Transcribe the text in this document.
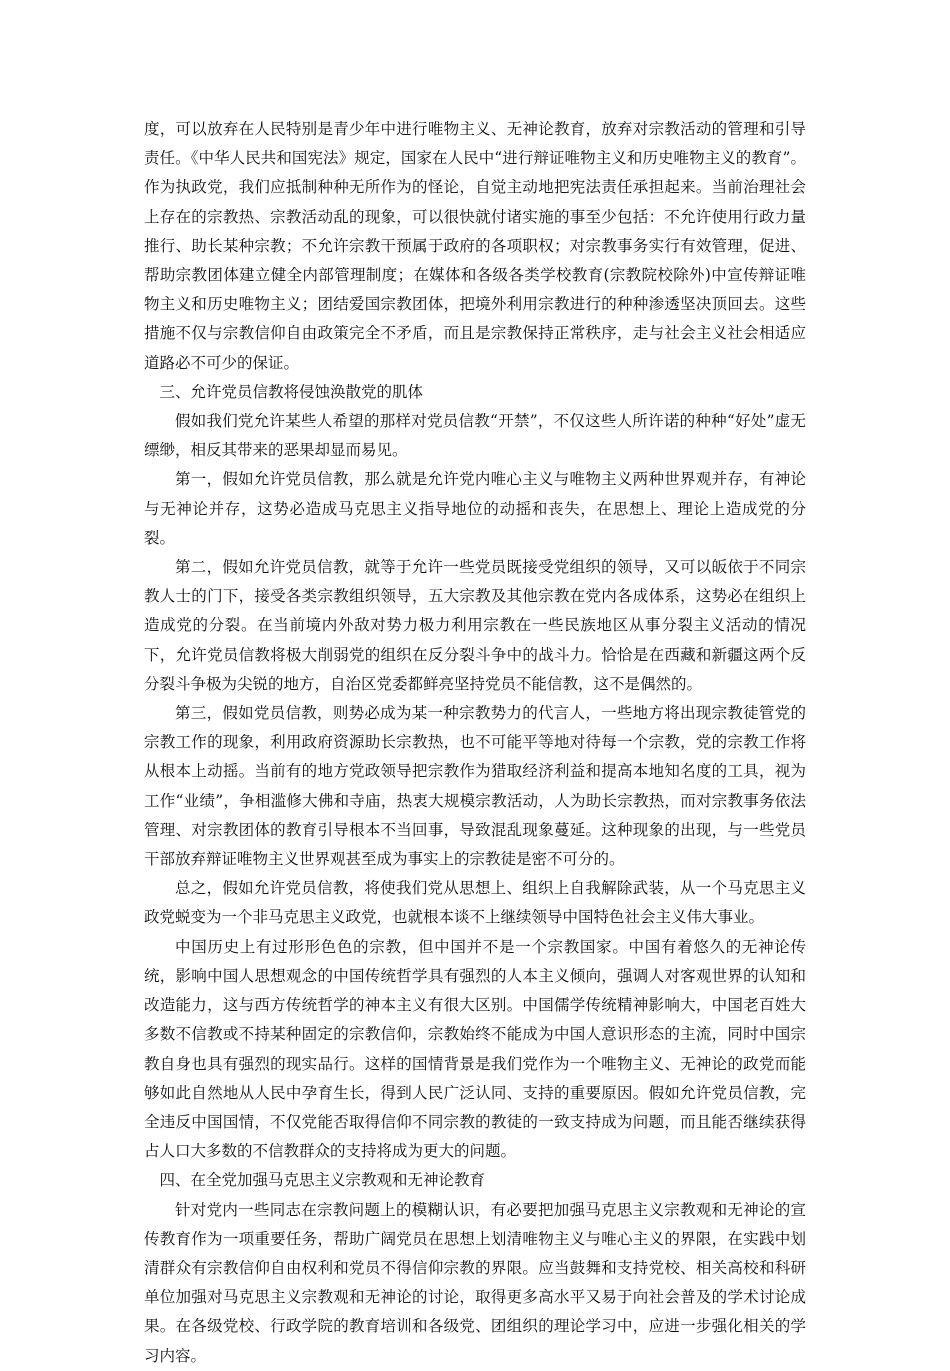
度，可以放弃在人民特别是青少年中进行唯物主义、无神论教育，放弃对宗教活动的管理和引导责任。《中华人民共和国宪法》规定，国家在人民中“进行辩证唯物主义和历史唯物主义的教育”。作为执政党，我们应抵制种种无所作为的怪论，自觉主动地把宪法责任承担起来。当前治理社会上存在的宗教热、宗教活动乱的现象，可以很快就付诸实施的事至少包括：不允许使用行政力量推行、助长某种宗教；不允许宗教干预属于政府的各项职权；对宗教事务实行有效管理，促进、帮助宗教团体建立健全内部管理制度；在媒体和各级各类学校教育(宗教院校除外)中宣传辩证唯物主义和历史唯物主义；团结爱国宗教团体，把境外利用宗教进行的种种渗透坚决顶回去。这些措施不仅与宗教信仰自由政策完全不矛盾，而且是宗教保持正常秩序，走与社会主义社会相适应道路必不可少的保证。

三、允许党员信教将侵蚀涣散党的肌体

假如我们党允许某些人希望的那样对党员信教“开禁”，不仅这些人所许诺的种种“好处”虚无缥缈，相反其带来的恶果却显而易见。

第一，假如允许党员信教，那么就是允许党内唯心主义与唯物主义两种世界观并存，有神论与无神论并存，这势必造成马克思主义指导地位的动摇和丧失，在思想上、理论上造成党的分裂。

第二，假如允许党员信教，就等于允许一些党员既接受党组织的领导，又可以皈依于不同宗教人士的门下，接受各类宗教组织领导，五大宗教及其他宗教在党内各成体系，这势必在组织上造成党的分裂。在当前境内外敌对势力极力利用宗教在一些民族地区从事分裂主义活动的情况下，允许党员信教将极大削弱党的组织在反分裂斗争中的战斗力。恰恰是在西藏和新疆这两个反分裂斗争极为尖锐的地方，自治区党委都鲜亮坚持党员不能信教，这不是偶然的。

第三，假如党员信教，则势必成为某一种宗教势力的代言人，一些地方将出现宗教徒管党的宗教工作的现象，利用政府资源助长宗教热，也不可能平等地对待每一个宗教，党的宗教工作将从根本上动摇。当前有的地方党政领导把宗教作为猎取经济利益和提高本地知名度的工具，视为工作“业绩”，争相滥修大佛和寺庙，热衷大规模宗教活动，人为助长宗教热，而对宗教事务依法管理、对宗教团体的教育引导根本不当回事，导致混乱现象蔓延。这种现象的出现，与一些党员干部放弃辩证唯物主义世界观甚至成为事实上的宗教徒是密不可分的。

总之，假如允许党员信教，将使我们党从思想上、组织上自我解除武装，从一个马克思主义政党蜕变为一个非马克思主义政党，也就根本谈不上继续领导中国特色社会主义伟大事业。

中国历史上有过形形色色的宗教，但中国并不是一个宗教国家。中国有着悠久的无神论传统，影响中国人思想观念的中国传统哲学具有强烈的人本主义倾向，强调人对客观世界的认知和改造能力，这与西方传统哲学的神本主义有很大区别。中国儒学传统精神影响大，中国老百姓大多数不信教或不持某种固定的宗教信仰，宗教始终不能成为中国人意识形态的主流，同时中国宗教自身也具有强烈的现实品行。这样的国情背景是我们党作为一个唯物主义、无神论的政党而能够如此自然地从人民中孕育生长，得到人民广泛认同、支持的重要原因。假如允许党员信教，完全违反中国国情，不仅党能否取得信仰不同宗教的教徒的一致支持成为问题，而且能否继续获得占人口大多数的不信教群众的支持将成为更大的问题。

四、在全党加强马克思主义宗教观和无神论教育

针对党内一些同志在宗教问题上的模糊认识，有必要把加强马克思主义宗教观和无神论的宣传教育作为一项重要任务，帮助广阔党员在思想上划清唯物主义与唯心主义的界限，在实践中划清群众有宗教信仰自由权利和党员不得信仰宗教的界限。应当鼓舞和支持党校、相关高校和科研单位加强对马克思主义宗教观和无神论的讨论，取得更多高水平又易于向社会普及的学术讨论成果。在各级党校、行政学院的教育培训和各级党、团组织的理论学习中，应进一步强化相关的学习内容。
